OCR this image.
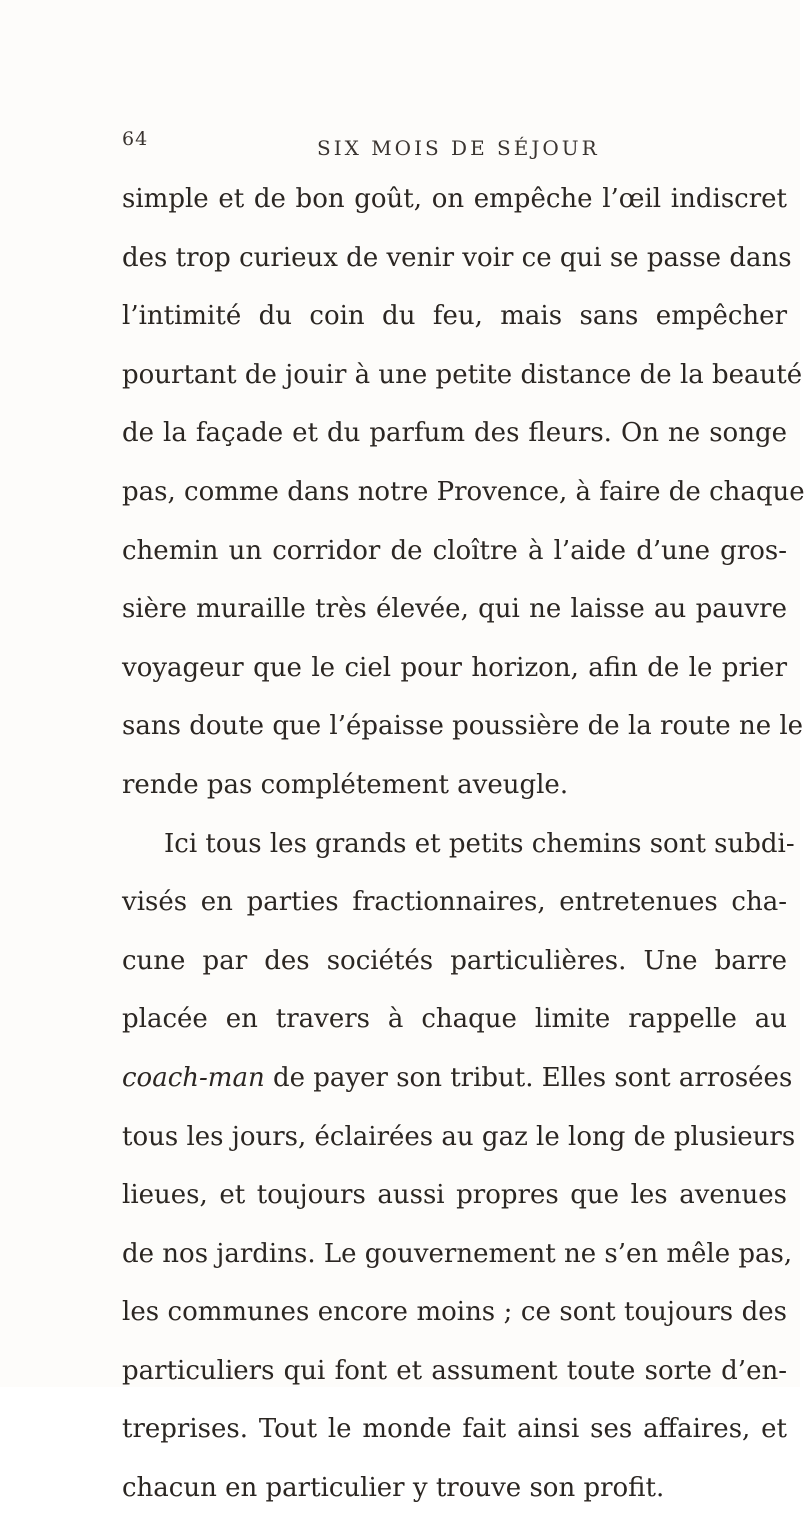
64	SIX MOIS DE SÉJOUR
simple et de bon goût, on empêche l’œil indiscret
des trop curieux de venir voir ce qui se passe dans
l’intimité du coin du feu, mais sans empêcher
pourtant de jouir à une petite distance de la beauté
de la façade et du parfum des fleurs. On ne songe
pas, comme dans notre Provence, à faire de chaque
chemin un corridor de cloître à l’aide d’une gros-
sière muraille très élevée, qui ne laisse au pauvre
voyageur que le ciel pour horizon, afin de le prier
sans doute que l’épaisse poussière de la route ne le
rende pas complétement aveugle.
Ici tous les grands et petits chemins sont subdi-
visés en parties fractionnaires, entretenues cha-
cune par des sociétés particulières. Une barre
placée en travers à chaque limite rappelle au
coach-man de payer son tribut. Elles sont arrosées
tous les jours, éclairées au gaz le long de plusieurs
lieues, et toujours aussi propres que les avenues
de nos jardins. Le gouvernement ne s’en mêle pas,
les communes encore moins ; ce sont toujours des
particuliers qui font et assument toute sorte d’en-
treprises. Tout le monde fait ainsi ses affaires, et
chacun en particulier y trouve son profit.
